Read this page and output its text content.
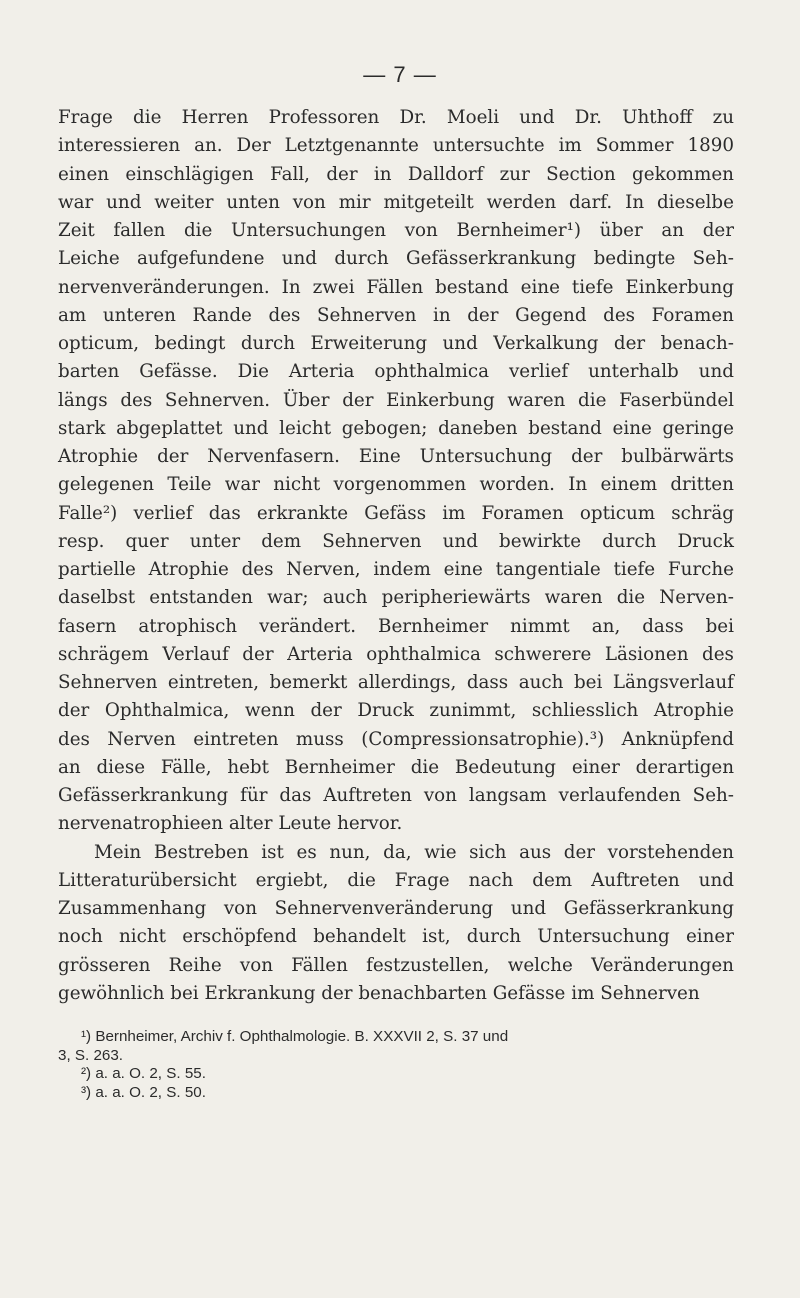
— 7 —
Frage die Herren Professoren Dr. Moeli und Dr. Uhthoff zu
interessieren an. Der Letztgenannte untersuchte im Sommer 1890
einen einschlägigen Fall, der in Dalldorf zur Section gekommen
war und weiter unten von mir mitgeteilt werden darf. In dieselbe
Zeit fallen die Untersuchungen von Bernheimer¹) über an der
Leiche aufgefundene und durch Gefässerkrankung bedingte Seh-
nervenveränderungen. In zwei Fällen bestand eine tiefe Einkerbung
am unteren Rande des Sehnerven in der Gegend des Foramen
opticum, bedingt durch Erweiterung und Verkalkung der benach-
barten Gefässe. Die Arteria ophthalmica verlief unterhalb und
längs des Sehnerven. Über der Einkerbung waren die Faserbündel
stark abgeplattet und leicht gebogen; daneben bestand eine geringe
Atrophie der Nervenfasern. Eine Untersuchung der bulbärwärts
gelegenen Teile war nicht vorgenommen worden. In einem dritten
Falle²) verlief das erkrankte Gefäss im Foramen opticum schräg
resp. quer unter dem Sehnerven und bewirkte durch Druck
partielle Atrophie des Nerven, indem eine tangentiale tiefe Furche
daselbst entstanden war; auch peripheriewärts waren die Nerven-
fasern atrophisch verändert. Bernheimer nimmt an, dass bei
schrägem Verlauf der Arteria ophthalmica schwerere Läsionen des
Sehnerven eintreten, bemerkt allerdings, dass auch bei Längsverlauf
der Ophthalmica, wenn der Druck zunimmt, schliesslich Atrophie
des Nerven eintreten muss (Compressionsatrophie).³) Anknüpfend
an diese Fälle, hebt Bernheimer die Bedeutung einer derartigen
Gefässerkrankung für das Auftreten von langsam verlaufenden Seh-
nervenatrophieen alter Leute hervor.
Mein Bestreben ist es nun, da, wie sich aus der vorstehenden
Litteraturübersicht ergiebt, die Frage nach dem Auftreten und
Zusammenhang von Sehnervenveränderung und Gefässerkrankung
noch nicht erschöpfend behandelt ist, durch Untersuchung einer
grösseren Reihe von Fällen festzustellen, welche Veränderungen
gewöhnlich bei Erkrankung der benachbarten Gefässe im Sehnerven
¹) Bernheimer, Archiv f. Ophthalmologie. B. XXXVII 2, S. 37 und
3, S. 263.
²) a. a. O. 2, S. 55.
³) a. a. O. 2, S. 50.
